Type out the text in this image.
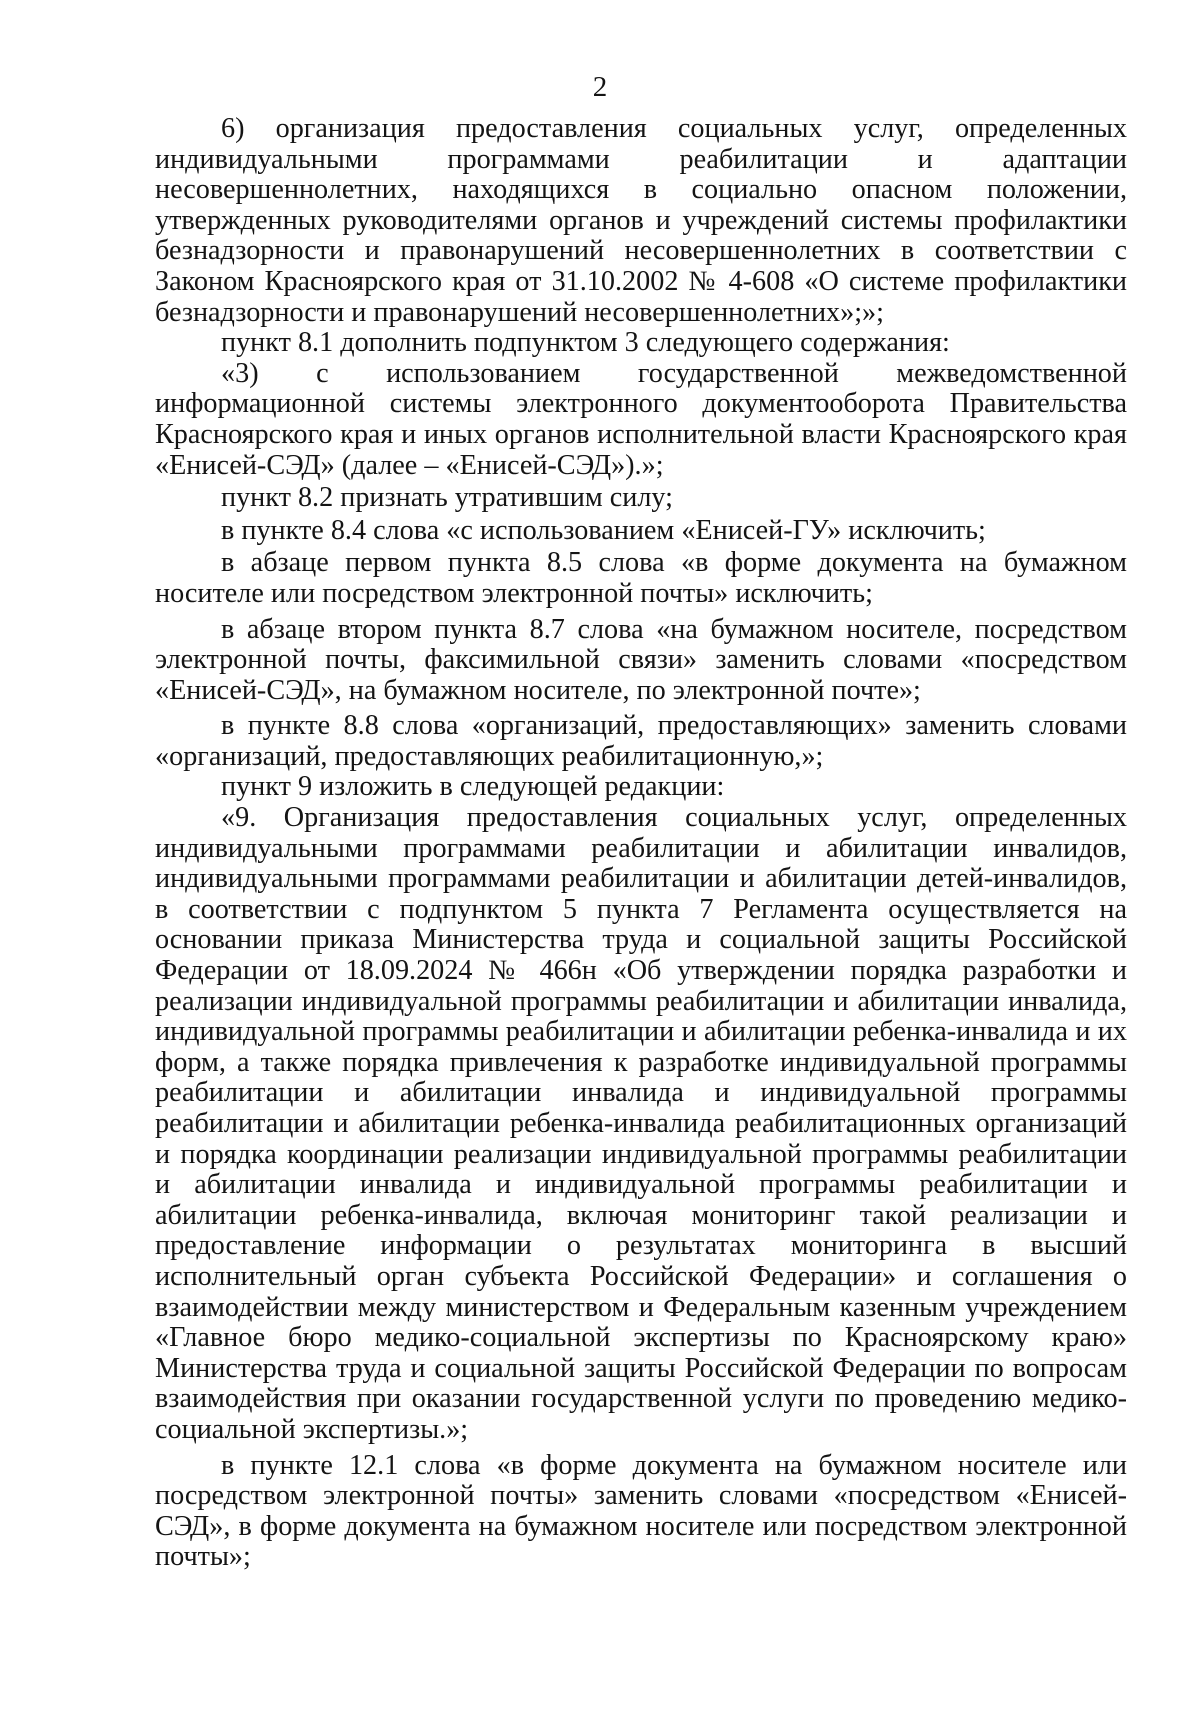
2

6) организация предоставления социальных услуг, определенных индивидуальными программами реабилитации и адаптации несовершеннолетних, находящихся в социально опасном положении, утвержденных руководителями органов и учреждений системы профилактики безнадзорности и правонарушений несовершеннолетних в соответствии с Законом Красноярского края от 31.10.2002 № 4-608 «О системе профилактики безнадзорности и правонарушений несовершеннолетних»;»;

пункт 8.1 дополнить подпунктом 3 следующего содержания:

«3) с использованием государственной межведомственной информационной системы электронного документооборота Правительства Красноярского края и иных органов исполнительной власти Красноярского края «Енисей-СЭД» (далее – «Енисей-СЭД»).»;

пункт 8.2 признать утратившим силу;

в пункте 8.4 слова «с использованием «Енисей-ГУ» исключить;

в абзаце первом пункта 8.5 слова «в форме документа на бумажном носителе или посредством электронной почты» исключить;

в абзаце втором пункта 8.7 слова «на бумажном носителе, посредством электронной почты, факсимильной связи» заменить словами «посредством «Енисей-СЭД», на бумажном носителе, по электронной почте»;

в пункте 8.8 слова «организаций, предоставляющих» заменить словами «организаций, предоставляющих реабилитационную,»;

пункт 9 изложить в следующей редакции:

«9. Организация предоставления социальных услуг, определенных индивидуальными программами реабилитации и абилитации инвалидов, индивидуальными программами реабилитации и абилитации детей-инвалидов, в соответствии с подпунктом 5 пункта 7 Регламента осуществляется на основании приказа Министерства труда и социальной защиты Российской Федерации от 18.09.2024 № 466н «Об утверждении порядка разработки и реализации индивидуальной программы реабилитации и абилитации инвалида, индивидуальной программы реабилитации и абилитации ребенка-инвалида и их форм, а также порядка привлечения к разработке индивидуальной программы реабилитации и абилитации инвалида и индивидуальной программы реабилитации и абилитации ребенка-инвалида реабилитационных организаций и порядка координации реализации индивидуальной программы реабилитации и абилитации инвалида и индивидуальной программы реабилитации и абилитации ребенка-инвалида, включая мониторинг такой реализации и предоставление информации о результатах мониторинга в высший исполнительный орган субъекта Российской Федерации» и соглашения о взаимодействии между министерством и Федеральным казенным учреждением «Главное бюро медико-социальной экспертизы по Красноярскому краю» Министерства труда и социальной защиты Российской Федерации по вопросам взаимодействия при оказании государственной услуги по проведению медико-социальной экспертизы.»;

в пункте 12.1 слова «в форме документа на бумажном носителе или посредством электронной почты» заменить словами «посредством «Енисей-СЭД», в форме документа на бумажном носителе или посредством электронной почты»;
